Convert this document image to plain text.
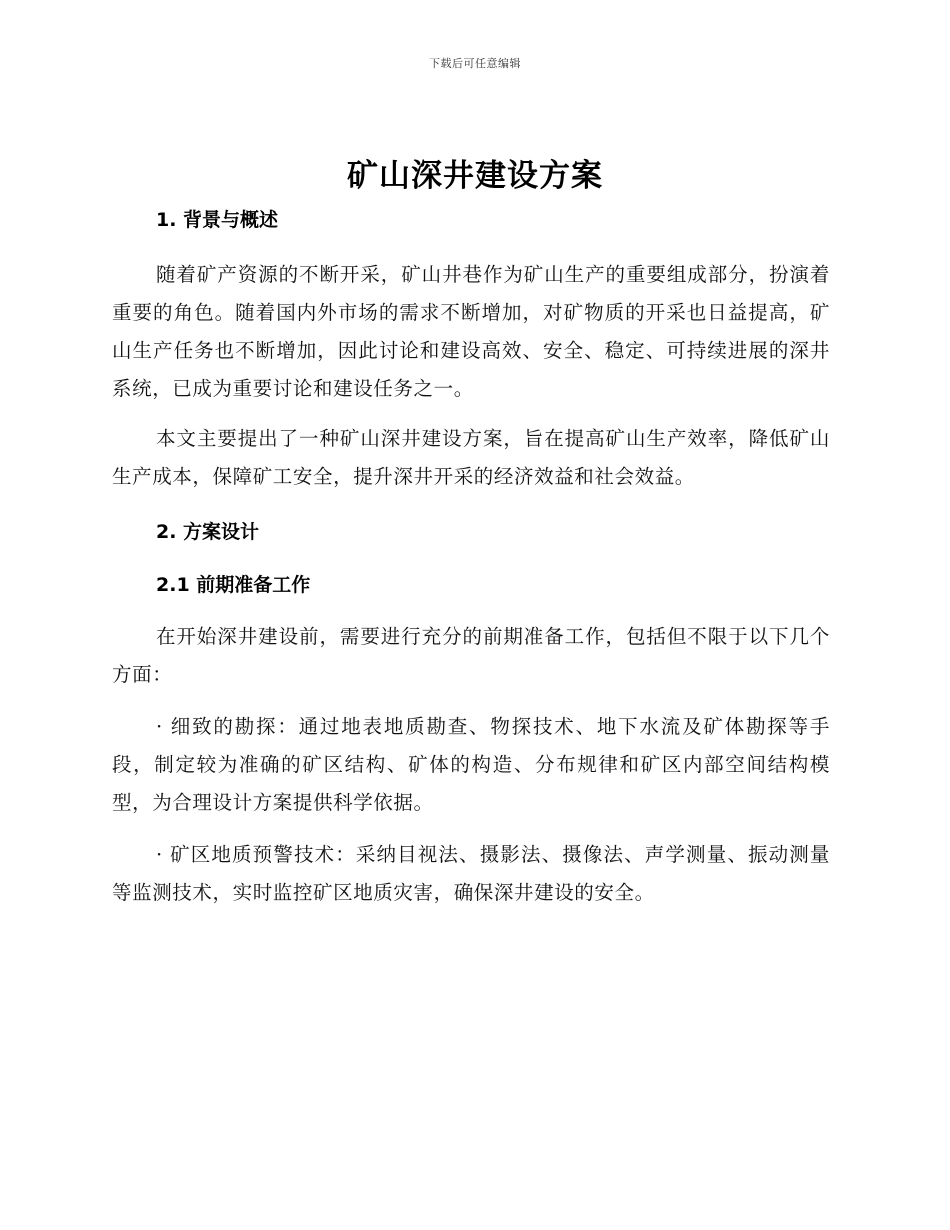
下载后可任意编辑
矿山深井建设方案
1. 背景与概述

随着矿产资源的不断开采，矿山井巷作为矿山生产的重要组成部分，扮演着重要的角色。随着国内外市场的需求不断增加，对矿物质的开采也日益提高，矿山生产任务也不断增加，因此讨论和建设高效、安全、稳定、可持续进展的深井系统，已成为重要讨论和建设任务之一。

本文主要提出了一种矿山深井建设方案，旨在提高矿山生产效率，降低矿山生产成本，保障矿工安全，提升深井开采的经济效益和社会效益。

2. 方案设计
2.1 前期准备工作

在开始深井建设前，需要进行充分的前期准备工作，包括但不限于以下几个方面：

· 细致的勘探：通过地表地质勘查、物探技术、地下水流及矿体勘探等手段，制定较为准确的矿区结构、矿体的构造、分布规律和矿区内部空间结构模型，为合理设计方案提供科学依据。

· 矿区地质预警技术：采纳目视法、摄影法、摄像法、声学测量、振动测量等监测技术，实时监控矿区地质灾害，确保深井建设的安全。
